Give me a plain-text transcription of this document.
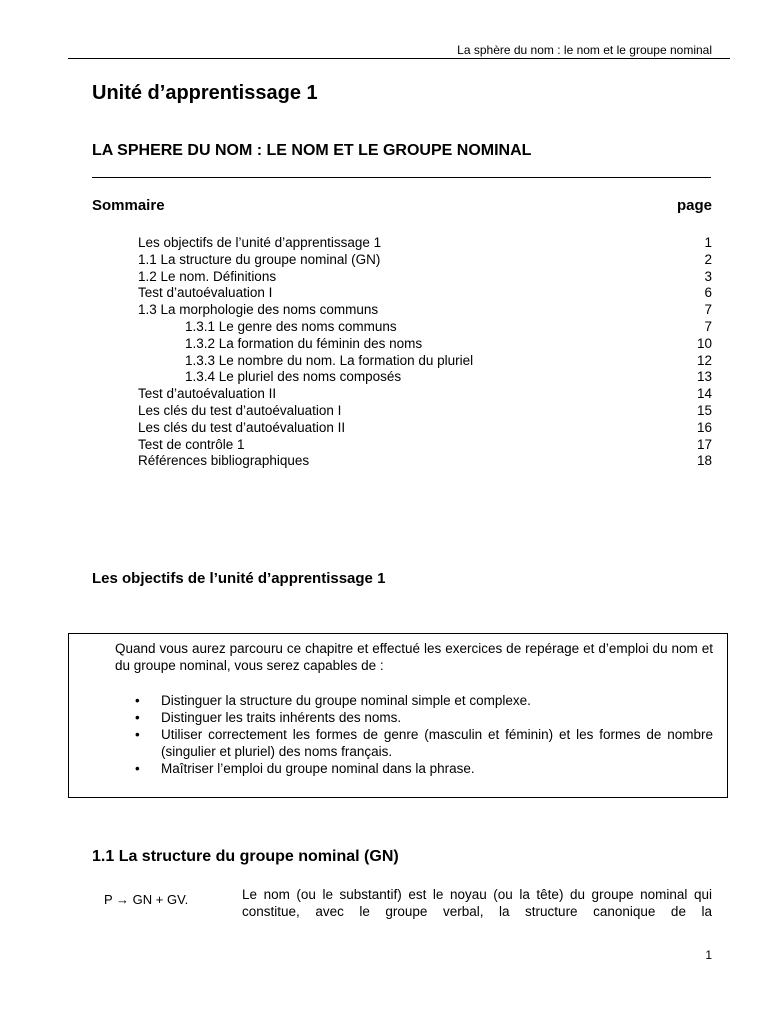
La sphère du nom : le nom et le groupe nominal
Unité d’apprentissage 1
LA SPHERE DU NOM : LE NOM ET LE GROUPE NOMINAL
Sommaire	page
Les objectifs de l’unité d’apprentissage 1	1
1.1 La structure du groupe nominal (GN)	2
1.2 Le nom. Définitions	3
Test d’autoévaluation I	6
1.3 La morphologie des noms communs	7
1.3.1 Le genre des noms communs	7
1.3.2 La formation du féminin des noms	10
1.3.3 Le nombre du nom. La formation du pluriel	12
1.3.4 Le pluriel des noms composés	13
Test d’autoévaluation II	14
Les clés du test d’autoévaluation I	15
Les clés du test d’autoévaluation II	16
Test de contrôle 1	17
Références bibliographiques	18
Les objectifs de l’unité d’apprentissage 1
Quand vous aurez parcouru ce chapitre et effectué les exercices de repérage et d’emploi du nom et du groupe nominal, vous serez capables de :
• Distinguer la structure du groupe nominal simple et complexe.
• Distinguer les traits inhérents des noms.
• Utiliser correctement les formes de genre (masculin et féminin) et les formes de nombre (singulier et pluriel) des noms français.
• Maîtriser l’emploi du groupe nominal dans la phrase.
1.1 La structure du groupe nominal (GN)
P → GN + GV.	Le nom (ou le substantif) est le noyau (ou la tête) du groupe nominal qui constitue, avec le groupe verbal, la structure canonique de la
1
